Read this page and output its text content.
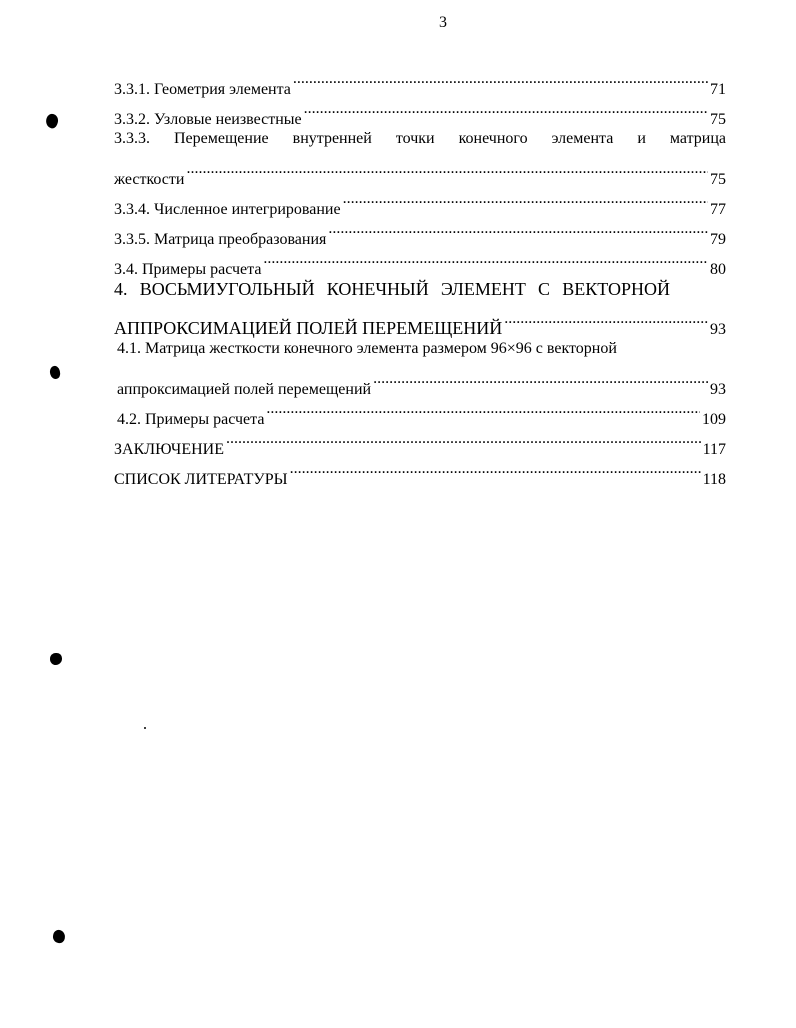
3
3.3.1. Геометрия элемента .....	71
3.3.2. Узловые неизвестные .....	75
3.3.3. Перемещение внутренней точки конечного элемента и матрица
жесткости .....	75
3.3.4. Численное интегрирование .....	77
3.3.5. Матрица преобразования .....	79
3.4. Примеры расчета .....	80
4. ВОСЬМИУГОЛЬНЫЙ КОНЕЧНЫЙ ЭЛЕМЕНТ С ВЕКТОРНОЙ
АППРОКСИМАЦИЕЙ ПОЛЕЙ ПЕРЕМЕЩЕНИЙ .....	93
4.1. Матрица жесткости конечного элемента размером 96×96 с векторной
аппроксимацией полей перемещений .....	93
4.2. Примеры расчета .....	109
ЗАКЛЮЧЕНИЕ .....	117
СПИСОК ЛИТЕРАТУРЫ .....	118
